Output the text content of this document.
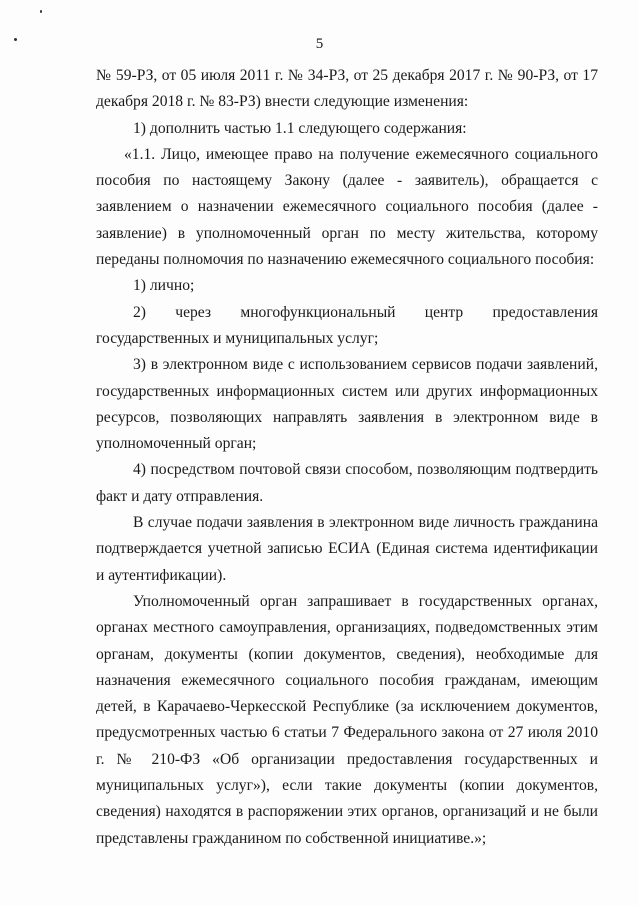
5

№ 59-РЗ, от 05 июля 2011 г. № 34-РЗ, от 25 декабря 2017 г. № 90-РЗ, от 17 декабря 2018 г. № 83-РЗ) внести следующие изменения:

1) дополнить частью 1.1 следующего содержания:

«1.1. Лицо, имеющее право на получение ежемесячного социального пособия по настоящему Закону (далее - заявитель), обращается с заявлением о назначении ежемесячного социального пособия (далее - заявление) в уполномоченный орган по месту жительства, которому переданы полномочия по назначению ежемесячного социального пособия:

1) лично;

2) через многофункциональный центр предоставления государственных и муниципальных услуг;

3) в электронном виде с использованием сервисов подачи заявлений, государственных информационных систем или других информационных ресурсов, позволяющих направлять заявления в электронном виде в уполномоченный орган;

4) посредством почтовой связи способом, позволяющим подтвердить факт и дату отправления.

В случае подачи заявления в электронном виде личность гражданина подтверждается учетной записью ЕСИА (Единая система идентификации и аутентификации).

Уполномоченный орган запрашивает в государственных органах, органах местного самоуправления, организациях, подведомственных этим органам, документы (копии документов, сведения), необходимые для назначения ежемесячного социального пособия гражданам, имеющим детей, в Карачаево-Черкесской Республике (за исключением документов, предусмотренных частью 6 статьи 7 Федерального закона от 27 июля 2010 г. № 210-ФЗ «Об организации предоставления государственных и муниципальных услуг»), если такие документы (копии документов, сведения) находятся в распоряжении этих органов, организаций и не были представлены гражданином по собственной инициативе.»;
